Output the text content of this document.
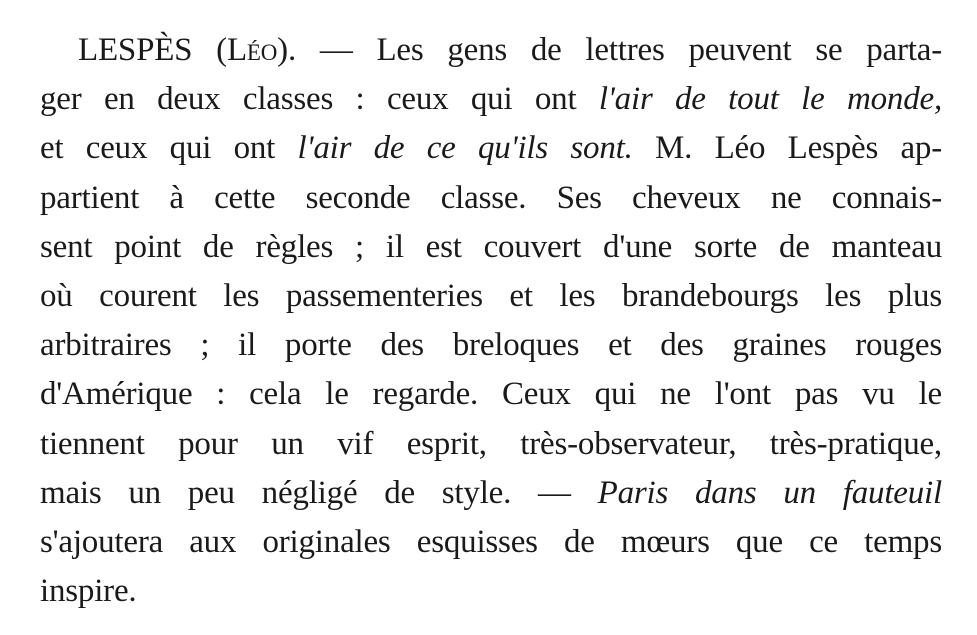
LESPÈS (Léo). — Les gens de lettres peuvent se parta-
ger en deux classes : ceux qui ont l'air de tout le monde,
et ceux qui ont l'air de ce qu'ils sont. M. Léo Lespès ap-
partient à cette seconde classe. Ses cheveux ne connais-
sent point de règles ; il est couvert d'une sorte de manteau
où courent les passementeries et les brandebourgs les plus
arbitraires ; il porte des breloques et des graines rouges
d'Amérique : cela le regarde. Ceux qui ne l'ont pas vu le
tiennent pour un vif esprit, très-observateur, très-pratique,
mais un peu négligé de style. — Paris dans un fauteuil
s'ajoutera aux originales esquisses de mœurs que ce temps
inspire.
